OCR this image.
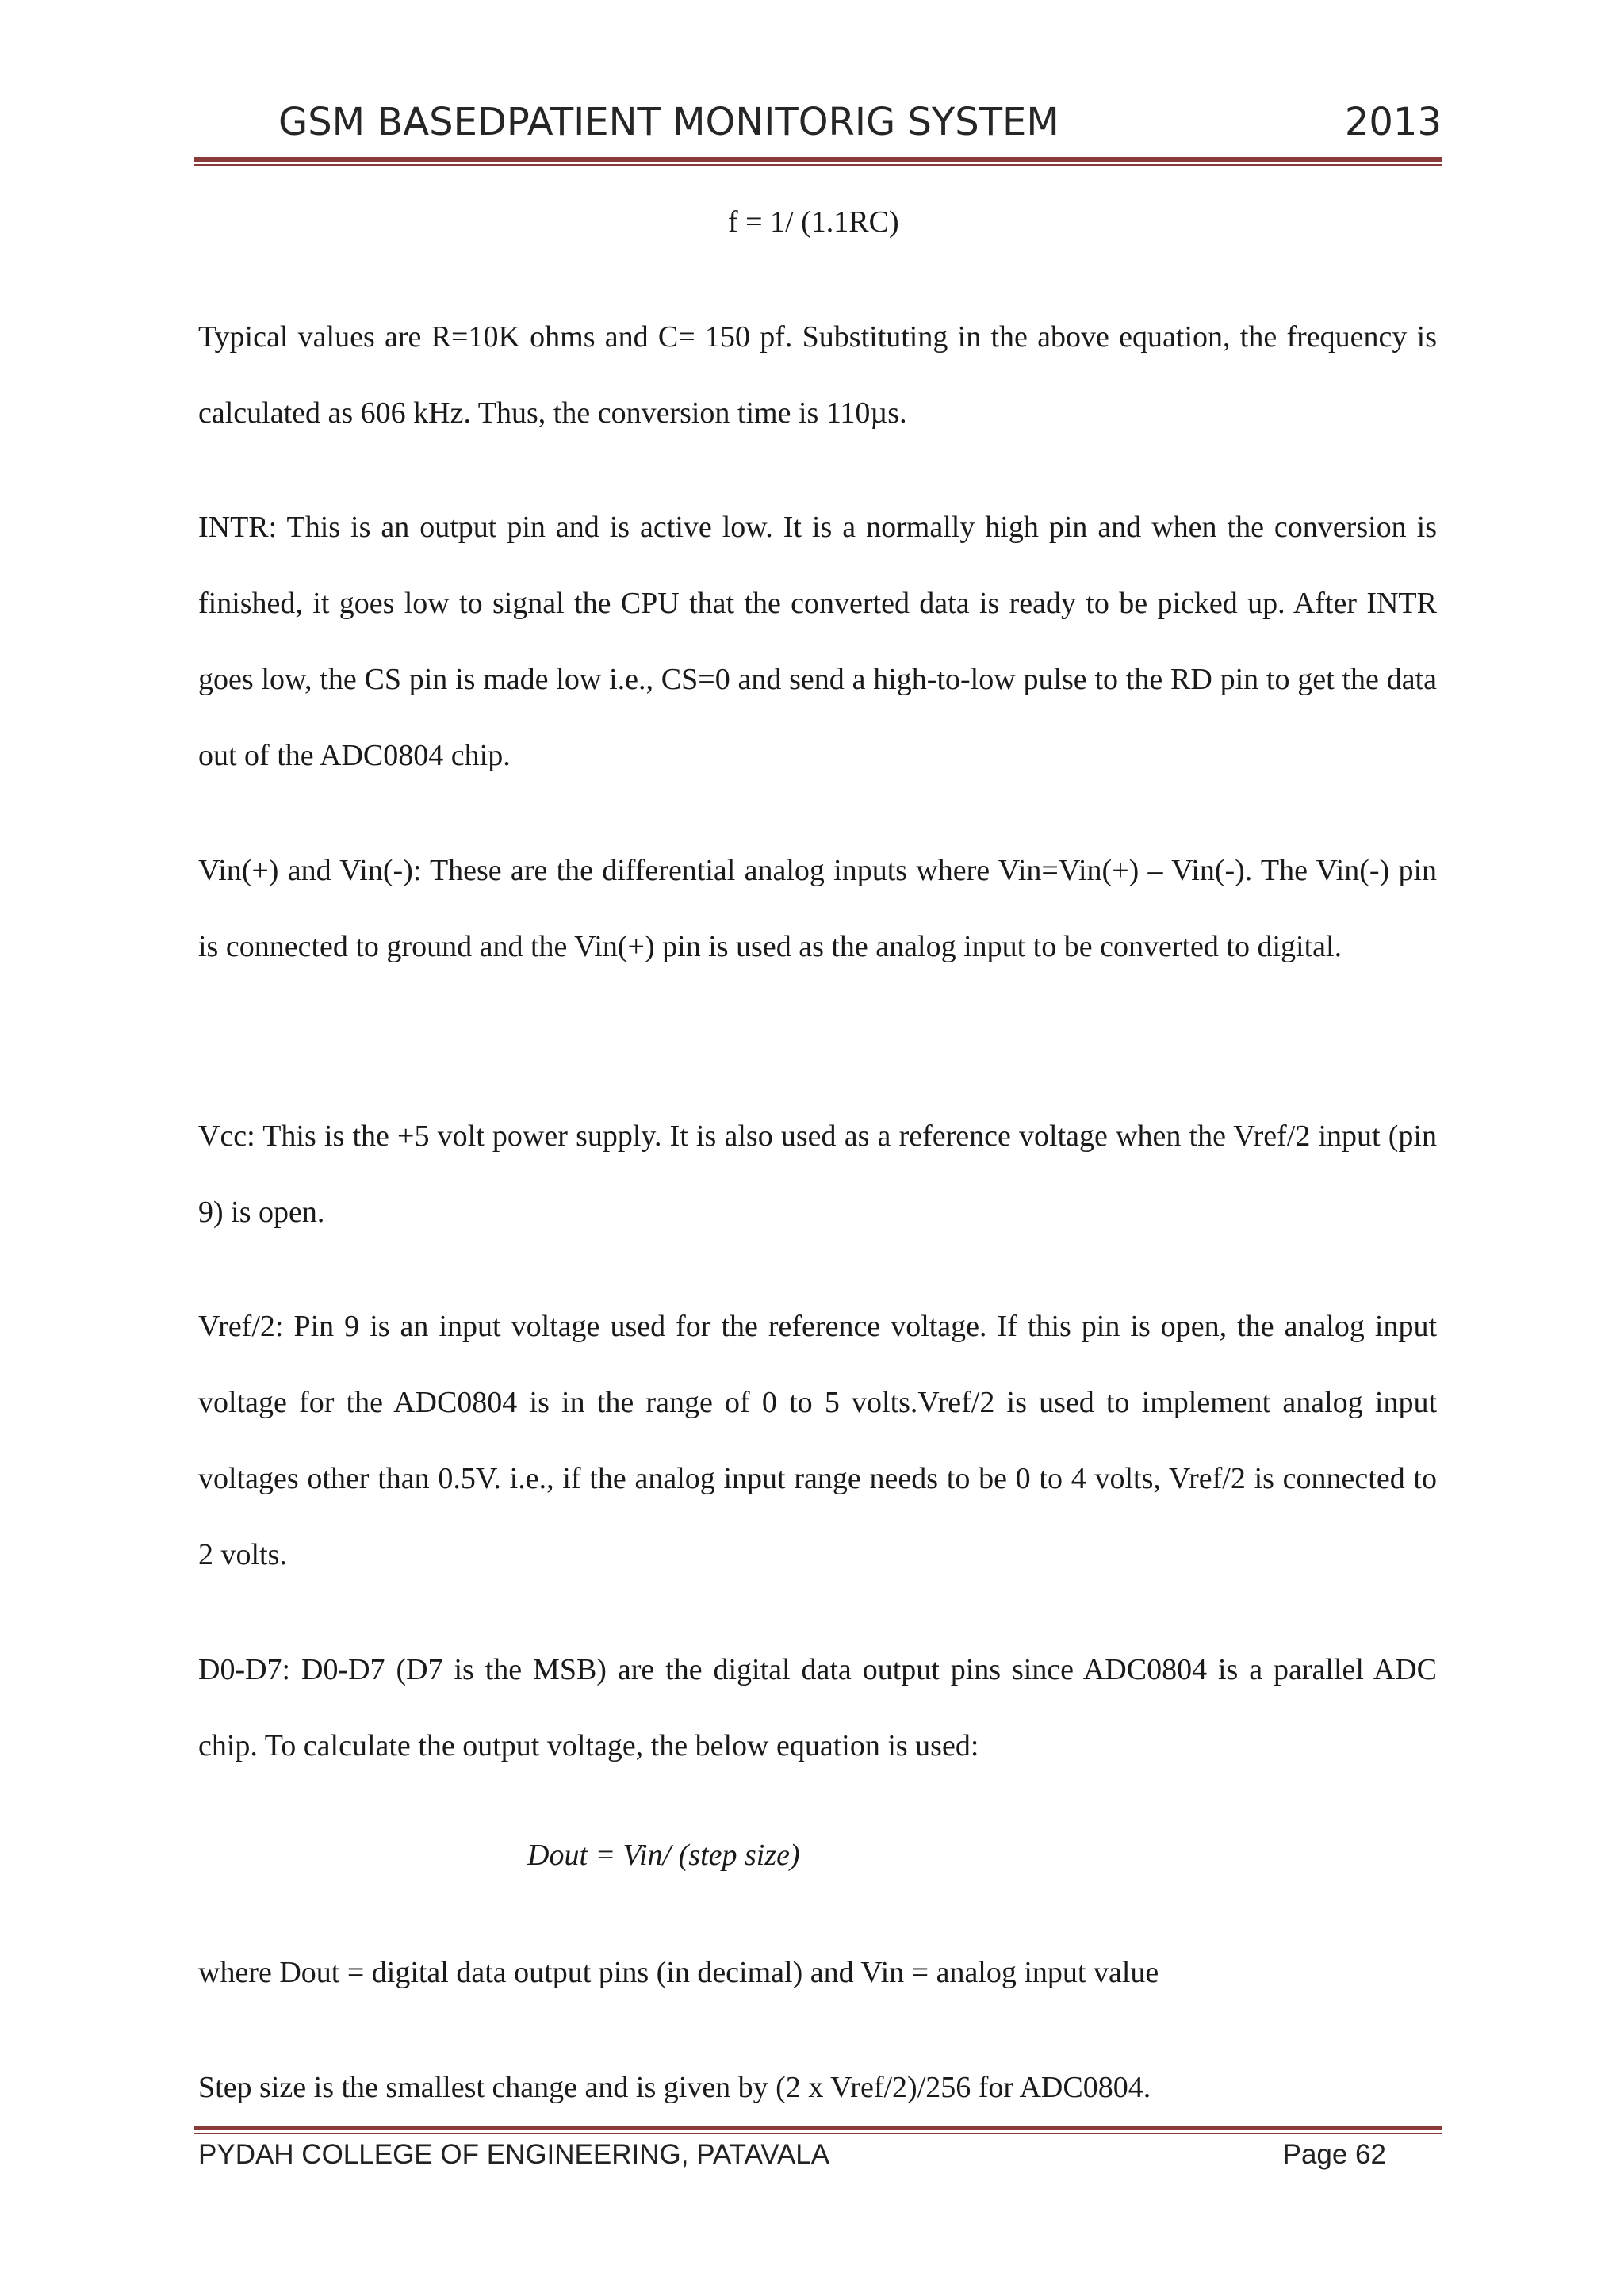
GSM BASEDPATIENT MONITORIG SYSTEM	2013
f = 1/ (1.1RC)

Typical values are R=10K ohms and C= 150 pf. Substituting in the above equation, the frequency is calculated as 606 kHz. Thus, the conversion time is 110µs.

INTR: This is an output pin and is active low. It is a normally high pin and when the conversion is finished, it goes low to signal the CPU that the converted data is ready to be picked up. After INTR goes low, the CS pin is made low i.e., CS=0 and send a high-to-low pulse to the RD pin to get the data out of the ADC0804 chip.

Vin(+) and Vin(-): These are the differential analog inputs where Vin=Vin(+) – Vin(-). The Vin(-) pin is connected to ground and the Vin(+) pin is used as the analog input to be converted to digital.

Vcc: This is the +5 volt power supply. It is also used as a reference voltage when the Vref/2 input (pin 9) is open.

Vref/2: Pin 9 is an input voltage used for the reference voltage. If this pin is open, the analog input voltage for the ADC0804 is in the range of 0 to 5 volts.Vref/2 is used to implement analog input voltages other than 0.5V. i.e., if the analog input range needs to be 0 to 4 volts, Vref/2 is connected to 2 volts.

D0-D7: D0-D7 (D7 is the MSB) are the digital data output pins since ADC0804 is a parallel ADC chip. To calculate the output voltage, the below equation is used:

Dout = Vin/ (step size)

where Dout = digital data output pins (in decimal) and Vin = analog input value

Step size is the smallest change and is given by (2 x Vref/2)/256 for ADC0804.

PYDAH COLLEGE OF ENGINEERING, PATAVALA	Page 62
